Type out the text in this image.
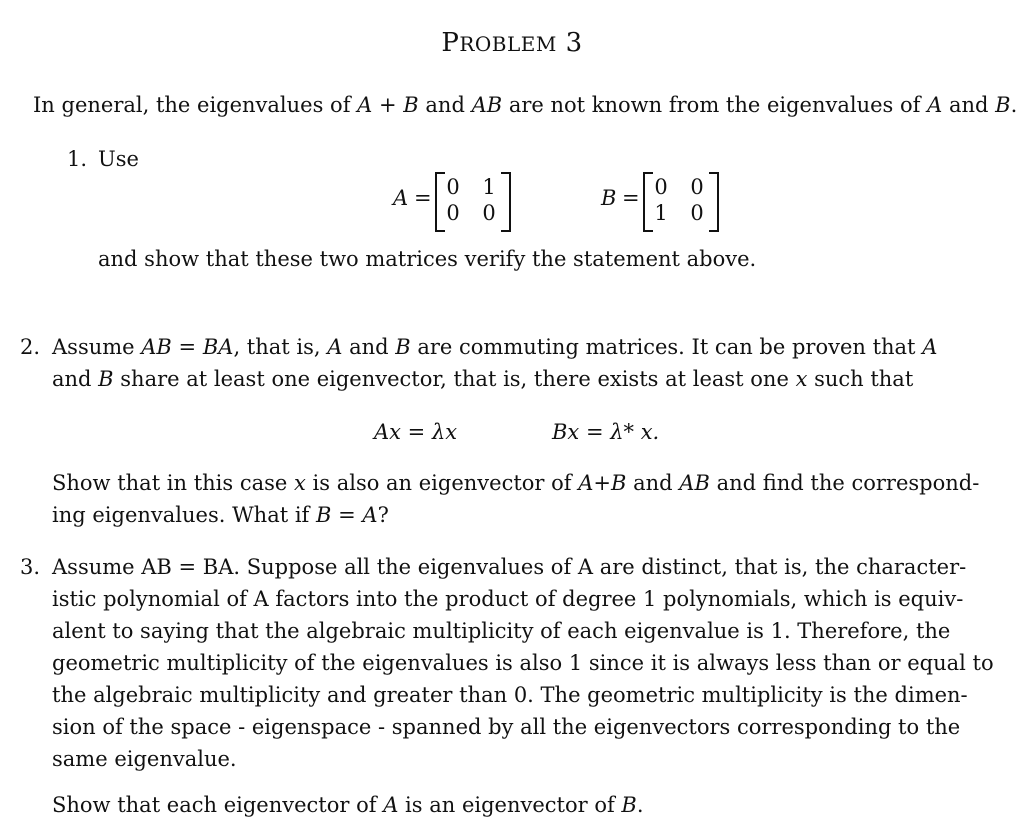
PROBLEM 3
In general, the eigenvalues of A + B and AB are not known from the eigenvalues of A and B.
1. Use
A = 0 1
0 0
B = 0 0
1 0
and show that these two matrices verify the statement above.
2. Assume AB = BA, that is, A and B are commuting matrices. It can be proven that A
and B share at least one eigenvector, that is, there exists at least one x such that
Ax = λx	Bx = λ* x.
Show that in this case x is also an eigenvector of A+B and AB and find the correspond-
ing eigenvalues. What if B = A?
3. Assume AB = BA. Suppose all the eigenvalues of A are distinct, that is, the character-
istic polynomial of A factors into the product of degree 1 polynomials, which is equiv-
alent to saying that the algebraic multiplicity of each eigenvalue is 1. Therefore, the
geometric multiplicity of the eigenvalues is also 1 since it is always less than or equal to
the algebraic multiplicity and greater than 0. The geometric multiplicity is the dimen-
sion of the space - eigenspace - spanned by all the eigenvectors corresponding to the
same eigenvalue.
Show that each eigenvector of A is an eigenvector of B.
